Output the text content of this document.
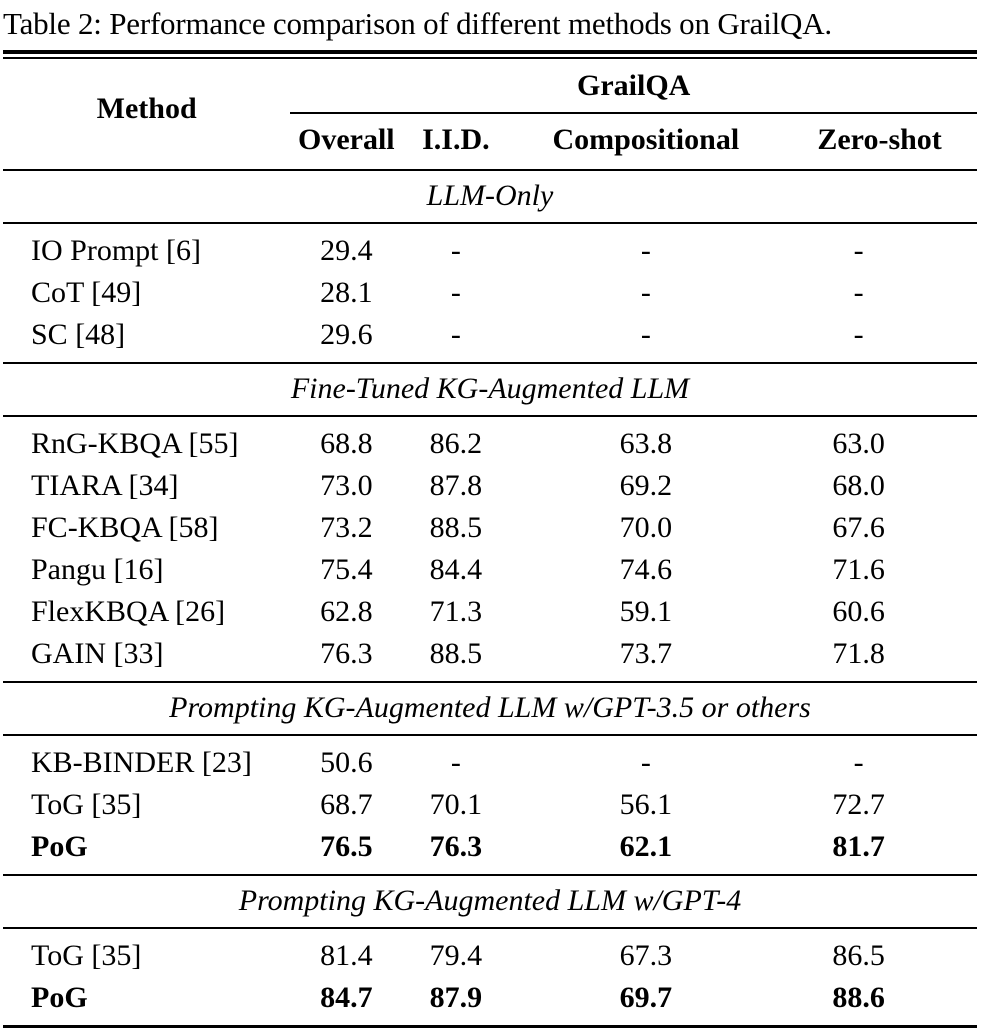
Table 2: Performance comparison of different methods on GrailQA.
Method	GrailQA			
	Overall	I.I.D.	Compositional	Zero-shot
LLM-Only				
IO Prompt [6]	29.4	-	-	-
CoT [49]	28.1	-	-	-
SC [48]	29.6	-	-	-
Fine-Tuned KG-Augmented LLM				
RnG-KBQA [55]	68.8	86.2	63.8	63.0
TIARA [34]	73.0	87.8	69.2	68.0
FC-KBQA [58]	73.2	88.5	70.0	67.6
Pangu [16]	75.4	84.4	74.6	71.6
FlexKBQA [26]	62.8	71.3	59.1	60.6
GAIN [33]	76.3	88.5	73.7	71.8
Prompting KG-Augmented LLM w/GPT-3.5 or others				
KB-BINDER [23]	50.6	-	-	-
ToG [35]	68.7	70.1	56.1	72.7
PoG	76.5	76.3	62.1	81.7
Prompting KG-Augmented LLM w/GPT-4				
ToG [35]	81.4	79.4	67.3	86.5
PoG	84.7	87.9	69.7	88.6
